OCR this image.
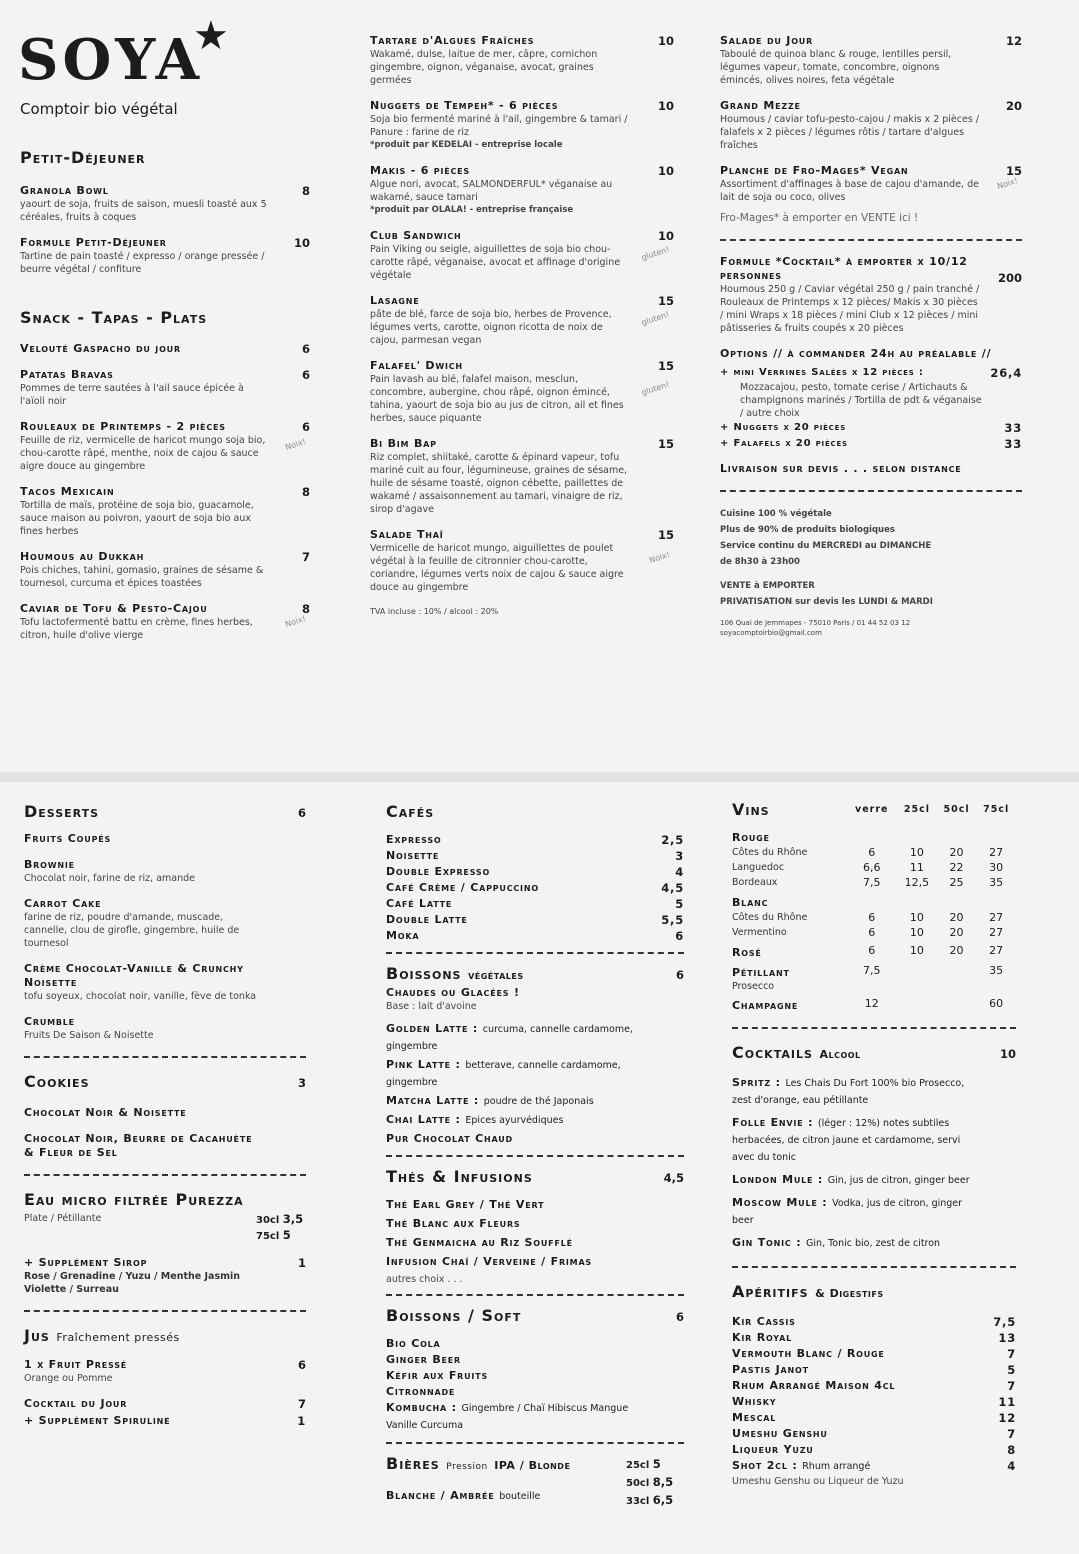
SOYA
★
Comptoir bio végétal
Petit-Déjeuner
Granola Bowl	8
yaourt de soja, fruits de saison, muesli toasté aux 5 céréales, fruits à coques
Formule Petit-Déjeuner	10
Tartine de pain toasté / expresso / orange pressée / beurre végétal / confiture
Snack - Tapas - Plats
Velouté Gaspacho du jour	6
Patatas Bravas	6
Pommes de terre sautées à l'ail sauce épicée à l'aïoli noir
Rouleaux de Printemps - 2 pièces	6
Feuille de riz, vermicelle de haricot mungo soja bio, chou-carotte râpé, menthe, noix de cajou & sauce aigre douce au gingembre
Noix!
Tacos Mexicain	8
Tortilla de maïs, protéine de soja bio, guacamole, sauce maison au poivron, yaourt de soja bio aux fines herbes
Houmous au Dukkah	7
Pois chiches, tahini, gomasio, graines de sésame & tournesol, curcuma et épices toastées
Caviar de Tofu & Pesto-Cajou	8
Tofu lactofermenté battu en crème, fines herbes, citron, huile d'olive vierge
Noix!
Tartare d'Algues Fraîches	10
Wakamé, dulse, laitue de mer, câpre, cornichon gingembre, oignon, véganaise, avocat, graines germées
Nuggets de Tempeh* - 6 pièces	10
Soja bio fermenté mariné à l'ail, gingembre & tamari / Panure : farine de riz
*produit par KEDELAI - entreprise locale
Makis - 6 pièces	10
Algue nori, avocat, SALMONDERFUL* véganaise au wakamé, sauce tamari
*produit par OLALA! - entreprise française
Club Sandwich	10
Pain Viking ou seigle, aiguillettes de soja bio chou-carotte râpé, véganaise, avocat et affinage d'origine végétale
gluten!
Lasagne	15
pâte de blé, farce de soja bio, herbes de Provence, légumes verts, carotte, oignon ricotta de noix de cajou, parmesan vegan
gluten!
Falafel' Dwich	15
Pain lavash au blé, falafel maison, mesclun, concombre, aubergine, chou râpé, oignon émincé, tahina, yaourt de soja bio au jus de citron, ail et fines herbes, sauce piquante
gluten!
Bi Bim Bap	15
Riz complet, shiitaké, carotte & épinard vapeur, tofu mariné cuit au four, légumineuse, graines de sésame, huile de sésame toasté, oignon cébette, paillettes de wakamé / assaisonnement au tamari, vinaigre de riz, sirop d'agave
Salade Thaï	15
Vermicelle de haricot mungo, aiguillettes de poulet végétal à la feuille de citronnier chou-carotte, coriandre, légumes verts noix de cajou & sauce aigre douce au gingembre
Noix!
TVA incluse : 10% / alcool : 20%
Salade du Jour	12
Taboulé de quinoa blanc & rouge, lentilles persil, légumes vapeur, tomate, concombre, oignons émincés, olives noires, feta végétale
Grand Mezze	20
Houmous / caviar tofu-pesto-cajou / makis x 2 pièces / falafels x 2 pièces / légumes rôtis / tartare d'algues fraîches
Planche de Fro-Mages* Vegan	15
Assortiment d'affinages à base de cajou d'amande, de lait de soja ou coco, olives
Noix!
Fro-Mages* à emporter en VENTE ici !
Formule *Cocktail* à emporter x 10/12 personnes	200
Houmous 250 g / Caviar végétal 250 g / pain tranché / Rouleaux de Printemps x 12 pièces/ Makis x 30 pièces / mini Wraps x 18 pièces / mini Club x 12 pièces / mini pâtisseries & fruits coupés x 20 pièces
Options // à commander 24h au préalable //
+ mini Verrines Salées x 12 pièces :	26,4
Mozzacajou, pesto, tomate cerise / Artichauts & champignons marinés / Tortilla de pdt & véganaise / autre choix
+ Nuggets x 20 pièces	33
+ Falafels x 20 pièces	33
Livraison sur devis . . . selon distance
Cuisine 100 % végétale
Plus de 90% de produits biologiques
Service continu du MERCREDI au DIMANCHE
de 8h30 à 23h00
VENTE à EMPORTER
PRIVATISATION sur devis les LUNDI & MARDI
106 Quai de Jemmapes - 75010 Paris / 01 44 52 03 12
soyacomptoirbio@gmail.com
Desserts	6
Fruits Coupés
Brownie
Chocolat noir, farine de riz, amande
Carrot Cake
farine de riz, poudre d'amande, muscade, cannelle, clou de girofle, gingembre, huile de tournesol
Crème Chocolat-Vanille & Crunchy Noisette
tofu soyeux, chocolat noir, vanille, fève de tonka
Crumble
Fruits De Saison & Noisette
Cookies	3
Chocolat Noir & Noisette
Chocolat Noir, Beurre de Cacahuète & Fleur de Sel
Eau micro filtrée Purezza
Plate / Pétillante	30cl 3,5
75cl 5
+ Supplément Sirop	1
Rose / Grenadine / Yuzu / Menthe Jasmin Violette / Surreau
Jus Fraîchement pressés
1 x Fruit Pressé	6
Orange ou Pomme
Cocktail du Jour	7
+ Supplément Spiruline	1
Cafés
Expresso	2,5
Noisette	3
Double Expresso	4
Café Crème / Cappuccino	4,5
Café Latte	5
Double Latte	5,5
Moka	6
Boissons végétales	6
Chaudes ou Glacées !
Base : lait d'avoine
Golden Latte : curcuma, cannelle cardamome, gingembre
Pink Latte : betterave, cannelle cardamome, gingembre
Matcha Latte : poudre de thé Japonais
Chai Latte : Epices ayurvédiques
Pur Chocolat Chaud
Thés & Infusions	4,5
Thé Earl Grey / Thé Vert
Thé Blanc aux Fleurs
Thé Genmaicha au Riz Soufflé
Infusion Chaï / Verveine / Frimas
autres choix . . .
Boissons / Soft	6
Bio Cola
Ginger Beer
Kéfir aux Fruits
Citronnade
Kombucha : Gingembre / Chaï Hibiscus Mangue Vanille Curcuma
Bières Pression IPA / Blonde	25cl 5
50cl 8,5
33cl 6,5
Blanche / Ambrée bouteille
Vins	verre	25cl	50cl	75cl
Rouge				
Côtes du Rhône	6	10	20	27
Languedoc	6,6	11	22	30
Bordeaux	7,5	12,5	25	35
Blanc				
Côtes du Rhône	6	10	20	27
Vermentino	6	10	20	27
Rosé	6	10	20	27
Pétillant	7,5			35
Prosecco				
Champagne	12			60
Cocktails Alcool	10
Spritz : Les Chais Du Fort 100% bio Prosecco, zest d'orange, eau pétillante
Folle Envie : (léger : 12%) notes subtiles herbacées, de citron jaune et cardamome, servi avec du tonic
London Mule : Gin, jus de citron, ginger beer
Moscow Mule : Vodka, jus de citron, ginger beer
Gin Tonic : Gin, Tonic bio, zest de citron
Apéritifs & Digestifs
Kir Cassis	7,5
Kir Royal	13
Vermouth Blanc / Rouge	7
Pastis Janot	5
Rhum Arrangé Maison 4cl	7
Whisky	11
Mescal	12
Umeshu Genshu	7
Liqueur Yuzu	8
Shot 2cl : Rhum arrangé	4
Umeshu Genshu ou Liqueur de Yuzu
